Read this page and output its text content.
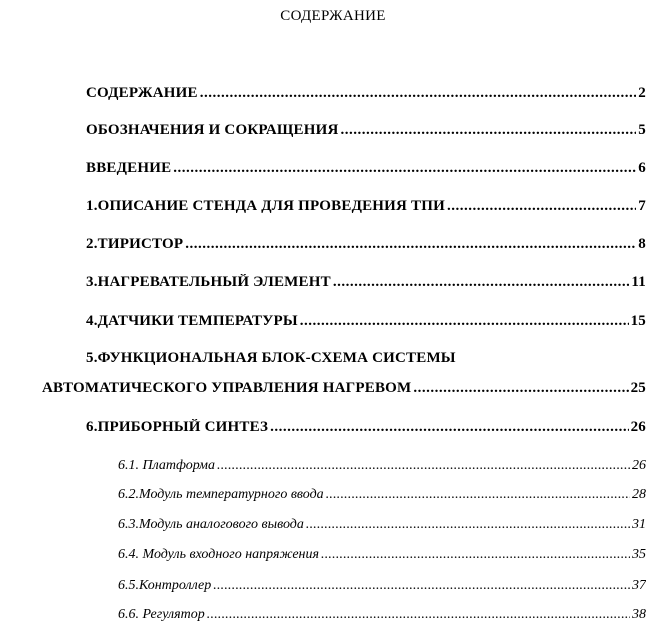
СОДЕРЖАНИЕ
СОДЕРЖАНИЕ .....	2
ОБОЗНАЧЕНИЯ И СОКРАЩЕНИЯ .....	5
ВВЕДЕНИЕ .....	6
1.ОПИСАНИЕ СТЕНДА ДЛЯ ПРОВЕДЕНИЯ ТПИ .....	7
2.ТИРИСТОР .....	8
3.НАГРЕВАТЕЛЬНЫЙ ЭЛЕМЕНТ .....	11
4.ДАТЧИКИ ТЕМПЕРАТУРЫ .....	15
5.ФУНКЦИОНАЛЬНАЯ БЛОК-СХЕМА СИСТЕМЫ
АВТОМАТИЧЕСКОГО УПРАВЛЕНИЯ НАГРЕВОМ .....	25
6.ПРИБОРНЫЙ СИНТЕЗ .....	26
6.1. Платформа .....	26
6.2.Модуль температурного ввода .....	28
6.3.Модуль аналогового вывода .....	31
6.4. Модуль входного напряжения .....	35
6.5.Контроллер .....	37
6.6. Регулятор .....	38
